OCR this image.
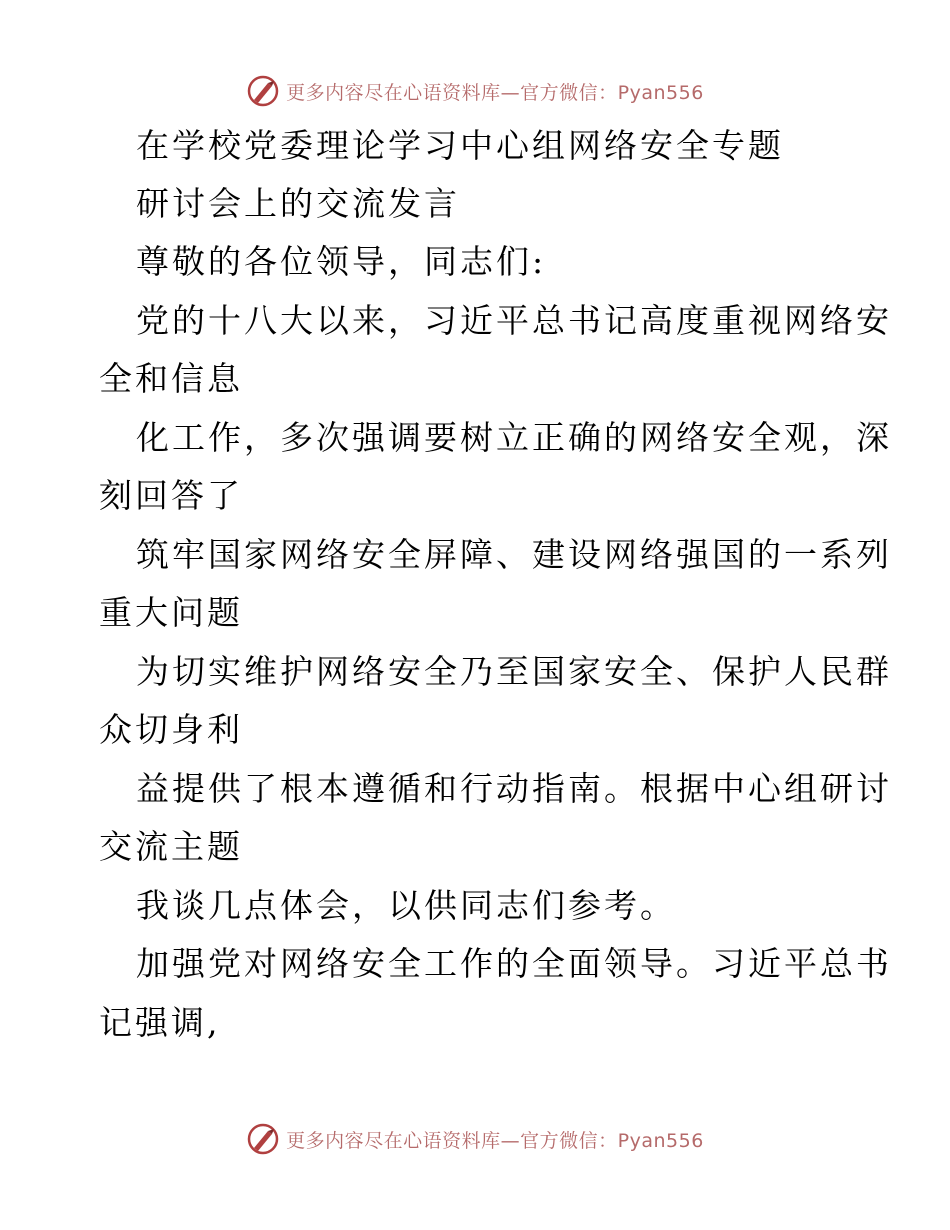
更多内容尽在心语资料库—官方微信：Pyan556
在学校党委理论学习中心组网络安全专题
研讨会上的交流发言
尊敬的各位领导，同志们:
党的十八大以来，习近平总书记高度重视网络安
全和信息
化工作，多次强调要树立正确的网络安全观，深
刻回答了
筑牢国家网络安全屏障、建设网络强国的一系列
重大问题
为切实维护网络安全乃至国家安全、保护人民群
众切身利
益提供了根本遵循和行动指南。根据中心组研讨
交流主题
我谈几点体会，以供同志们参考。
加强党对网络安全工作的全面领导。习近平总书
记强调,
更多内容尽在心语资料库—官方微信：Pyan556
